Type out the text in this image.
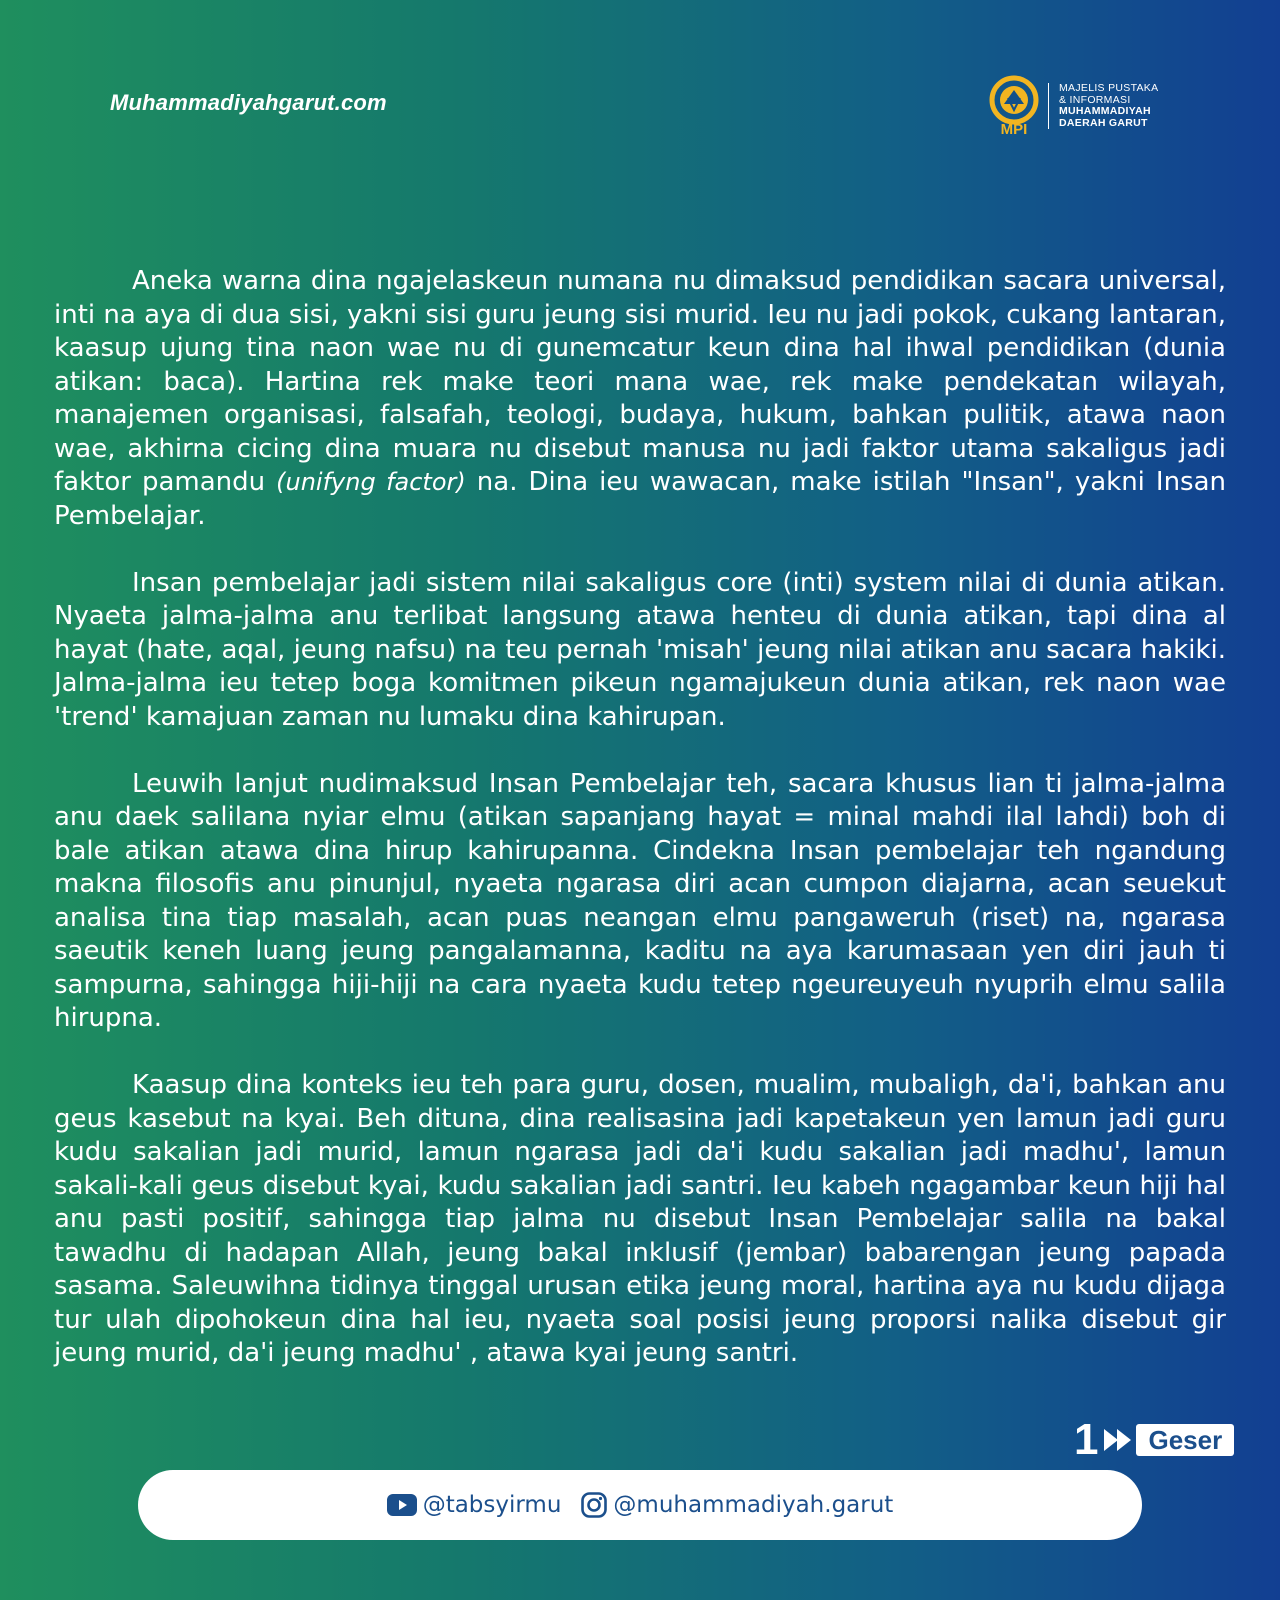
Muhammadiyahgarut.com
MPI
MAJELIS PUSTAKA
& INFORMASI
MUHAMMADIYAH
DAERAH GARUT

Aneka warna dina ngajelaskeun numana nu dimaksud pendidikan sacara universal, inti na aya di dua sisi, yakni sisi guru jeung sisi murid. Ieu nu jadi pokok, cukang lantaran, kaasup ujung tina naon wae nu di gunemcatur keun dina hal ihwal pendidikan (dunia atikan: baca). Hartina rek make teori mana wae, rek make pendekatan wilayah, manajemen organisasi, falsafah, teologi, budaya, hukum, bahkan pulitik, atawa naon wae, akhirna cicing dina muara nu disebut manusa nu jadi faktor utama sakaligus jadi faktor pamandu (unifyng factor) na. Dina ieu wawacan, make istilah "Insan", yakni Insan Pembelajar.

Insan pembelajar jadi sistem nilai sakaligus core (inti) system nilai di dunia atikan. Nyaeta jalma-jalma anu terlibat langsung atawa henteu di dunia atikan, tapi dina al hayat (hate, aqal, jeung nafsu) na teu pernah 'misah' jeung nilai atikan anu sacara hakiki. Jalma-jalma ieu tetep boga komitmen pikeun ngamajukeun dunia atikan, rek naon wae 'trend' kamajuan zaman nu lumaku dina kahirupan.

Leuwih lanjut nudimaksud Insan Pembelajar teh, sacara khusus lian ti jalma-jalma anu daek salilana nyiar elmu (atikan sapanjang hayat = minal mahdi ilal lahdi) boh di bale atikan atawa dina hirup kahirupanna. Cindekna Insan pembelajar teh ngandung makna filosofis anu pinunjul, nyaeta ngarasa diri acan cumpon diajarna, acan seuekut analisa tina tiap masalah, acan puas neangan elmu pangaweruh (riset) na, ngarasa saeutik keneh luang jeung pangalamanna, kaditu na aya karumasaan yen diri jauh ti sampurna, sahingga hiji-hiji na cara nyaeta kudu tetep ngeureuyeuh nyuprih elmu salila hirupna.

Kaasup dina konteks ieu teh para guru, dosen, mualim, mubaligh, da'i, bahkan anu geus kasebut na kyai. Beh dituna, dina realisasina jadi kapetakeun yen lamun jadi guru kudu sakalian jadi murid, lamun ngarasa jadi da'i kudu sakalian jadi madhu', lamun sakali-kali geus disebut kyai, kudu sakalian jadi santri. Ieu kabeh ngagambar keun hiji hal anu pasti positif, sahingga tiap jalma nu disebut Insan Pembelajar salila na bakal tawadhu di hadapan Allah, jeung bakal inklusif (jembar) babarengan jeung papada sasama. Saleuwihna tidinya tinggal urusan etika jeung moral, hartina aya nu kudu dijaga tur ulah dipohokeun dina hal ieu, nyaeta soal posisi jeung proporsi nalika disebut gir jeung murid, da'i jeung madhu' , atawa kyai jeung santri.

1	Geser
@tabsyirmu @muhammadiyah.garut
